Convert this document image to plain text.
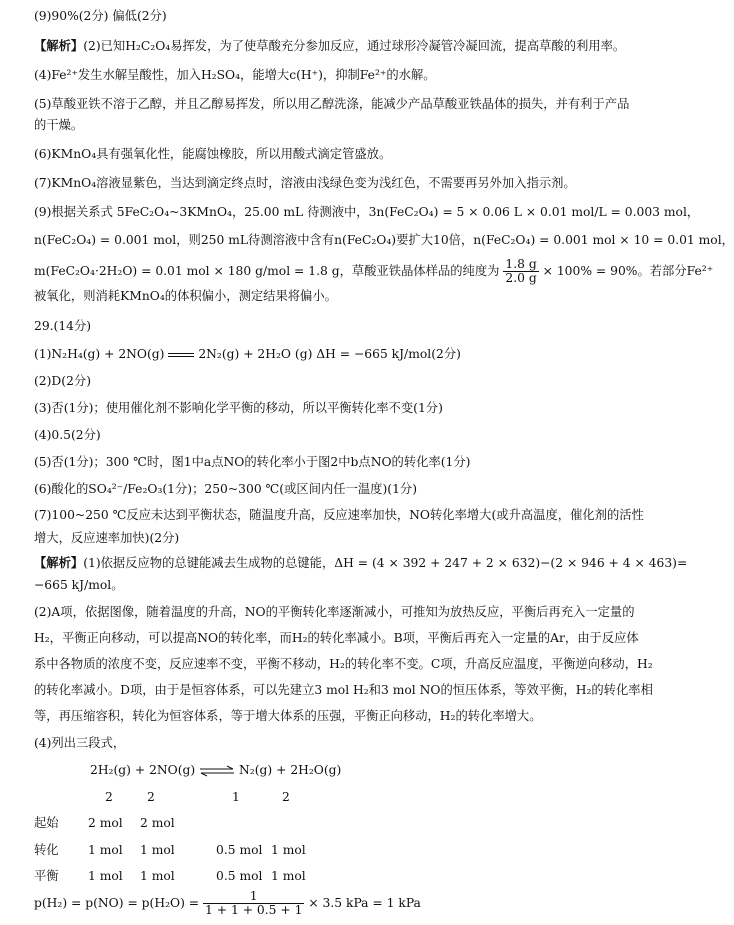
(9)90%(2分) 偏低(2分)
【解析】(2)已知H₂C₂O₄易挥发，为了使草酸充分参加反应，通过球形冷凝管冷凝回流，提高草酸的利用率。
(4)Fe²⁺发生水解呈酸性，加入H₂SO₄，能增大c(H⁺)，抑制Fe²⁺的水解。
(5)草酸亚铁不溶于乙醇，并且乙醇易挥发，所以用乙醇洗涤，能减少产品草酸亚铁晶体的损失，并有利于产品
的干燥。
(6)KMnO₄具有强氧化性，能腐蚀橡胶，所以用酸式滴定管盛放。
(7)KMnO₄溶液显紫色，当达到滴定终点时，溶液由浅绿色变为浅红色，不需要再另外加入指示剂。
(9)根据关系式 5FeC₂O₄~3KMnO₄，25.00 mL 待测液中，3n(FeC₂O₄) = 5 × 0.06 L × 0.01 mol/L = 0.003 mol，
n(FeC₂O₄) = 0.001 mol，则250 mL待测溶液中含有n(FeC₂O₄)要扩大10倍，n(FeC₂O₄) = 0.001 mol × 10 = 0.01 mol，
m(FeC₂O₄·2H₂O) = 0.01 mol × 180 g/mol = 1.8 g，草酸亚铁晶体样品的纯度为 $\frac{1.8 g}{2.0 g} \times 100\% = 90\%$。若部分Fe²⁺
被氧化，则消耗KMnO₄的体积偏小，测定结果将偏小。
29.(14分)
(1)N₂H₄(g) + 2NO(g)	2N₂(g) + 2H₂O (g) ΔH = −665 kJ/mol(2分)
(2)D(2分)
(3)否(1分)；使用催化剂不影响化学平衡的移动，所以平衡转化率不变(1分)
(4)0.5(2分)
(5)否(1分)；300 ℃时，图1中a点NO的转化率小于图2中b点NO的转化率(1分)
(6)酸化的SO₄²⁻/Fe₂O₃(1分)；250~300 ℃(或区间内任一温度)(1分)
(7)100~250 ℃反应未达到平衡状态，随温度升高，反应速率加快，NO转化率增大(或升高温度，催化剂的活性
增大，反应速率加快)(2分)
【解析】(1)依据反应物的总键能减去生成物的总键能，ΔH = (4 × 392 + 247 + 2 × 632)−(2 × 946 + 4 × 463)=
−665 kJ/mol。
(2)A项，依据图像，随着温度的升高，NO的平衡转化率逐渐减小，可推知为放热反应，平衡后再充入一定量的
H₂，平衡正向移动，可以提高NO的转化率，而H₂的转化率减小。B项，平衡后再充入一定量的Ar，由于反应体
系中各物质的浓度不变，反应速率不变，平衡不移动，H₂的转化率不变。C项，升高反应温度，平衡逆向移动，H₂
的转化率减小。D项，由于是恒容体系，可以先建立3 mol H₂和3 mol NO的恒压体系，等效平衡，H₂的转化率相
等，再压缩容积，转化为恒容体系，等于增大体系的压强，平衡正向移动，H₂的转化率增大。
(4)列出三段式，
2H₂(g) + 2NO(g) ⇌ N₂(g) + 2H₂O(g)
2	2	1	2
起始 2 mol 2 mol
转化 1 mol 1 mol	0.5 mol 1 mol
平衡 1 mol 1 mol	0.5 mol 1 mol
$p(H_2) = p(NO) = p(H_2O) = \frac{1}{1 + 1 + 0.5 + 1} \times 3.5$ kPa = 1 kPa
